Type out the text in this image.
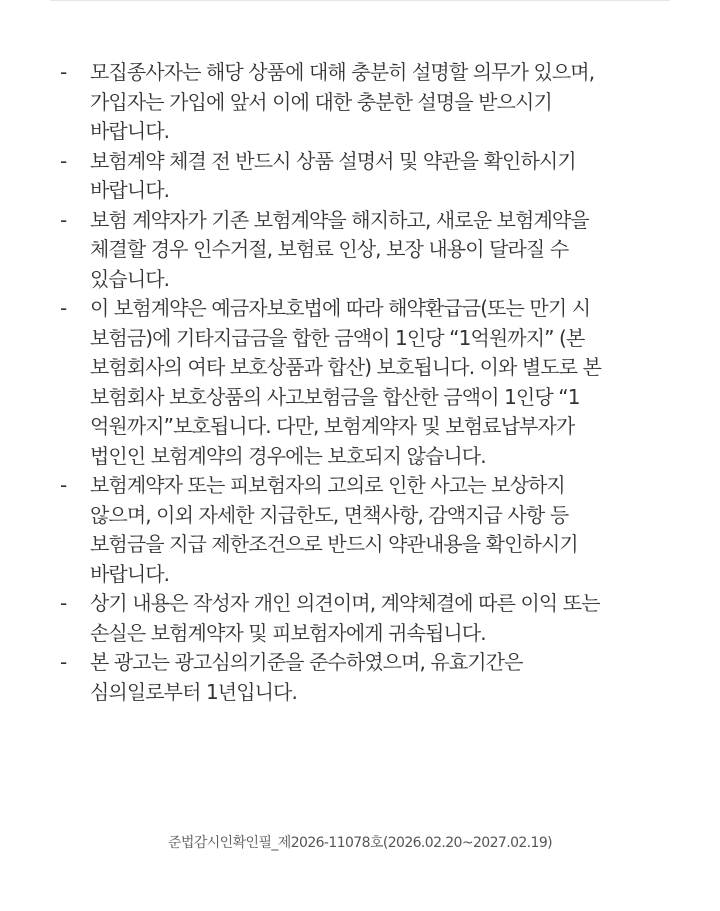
- 모집종사자는 해당 상품에 대해 충분히 설명할 의무가 있으며,
가입자는 가입에 앞서 이에 대한 충분한 설명을 받으시기
바랍니다.
- 보험계약 체결 전 반드시 상품 설명서 및 약관을 확인하시기
바랍니다.
- 보험 계약자가 기존 보험계약을 해지하고, 새로운 보험계약을
체결할 경우 인수거절, 보험료 인상, 보장 내용이 달라질 수
있습니다.
- 이 보험계약은 예금자보호법에 따라 해약환급금(또는 만기 시
보험금)에 기타지급금을 합한 금액이 1인당 “1억원까지” (본
보험회사의 여타 보호상품과 합산) 보호됩니다. 이와 별도로 본
보험회사 보호상품의 사고보험금을 합산한 금액이 1인당 “1
억원까지”보호됩니다. 다만, 보험계약자 및 보험료납부자가
법인인 보험계약의 경우에는 보호되지 않습니다.
- 보험계약자 또는 피보험자의 고의로 인한 사고는 보상하지
않으며, 이외 자세한 지급한도, 면책사항, 감액지급 사항 등
보험금을 지급 제한조건으로 반드시 약관내용을 확인하시기
바랍니다.
- 상기 내용은 작성자 개인 의견이며, 계약체결에 따른 이익 또는
손실은 보험계약자 및 피보험자에게 귀속됩니다.
- 본 광고는 광고심의기준을 준수하였으며, 유효기간은
심의일로부터 1년입니다.
준법감시인확인필_제2026-11078호(2026.02.20~2027.02.19)
